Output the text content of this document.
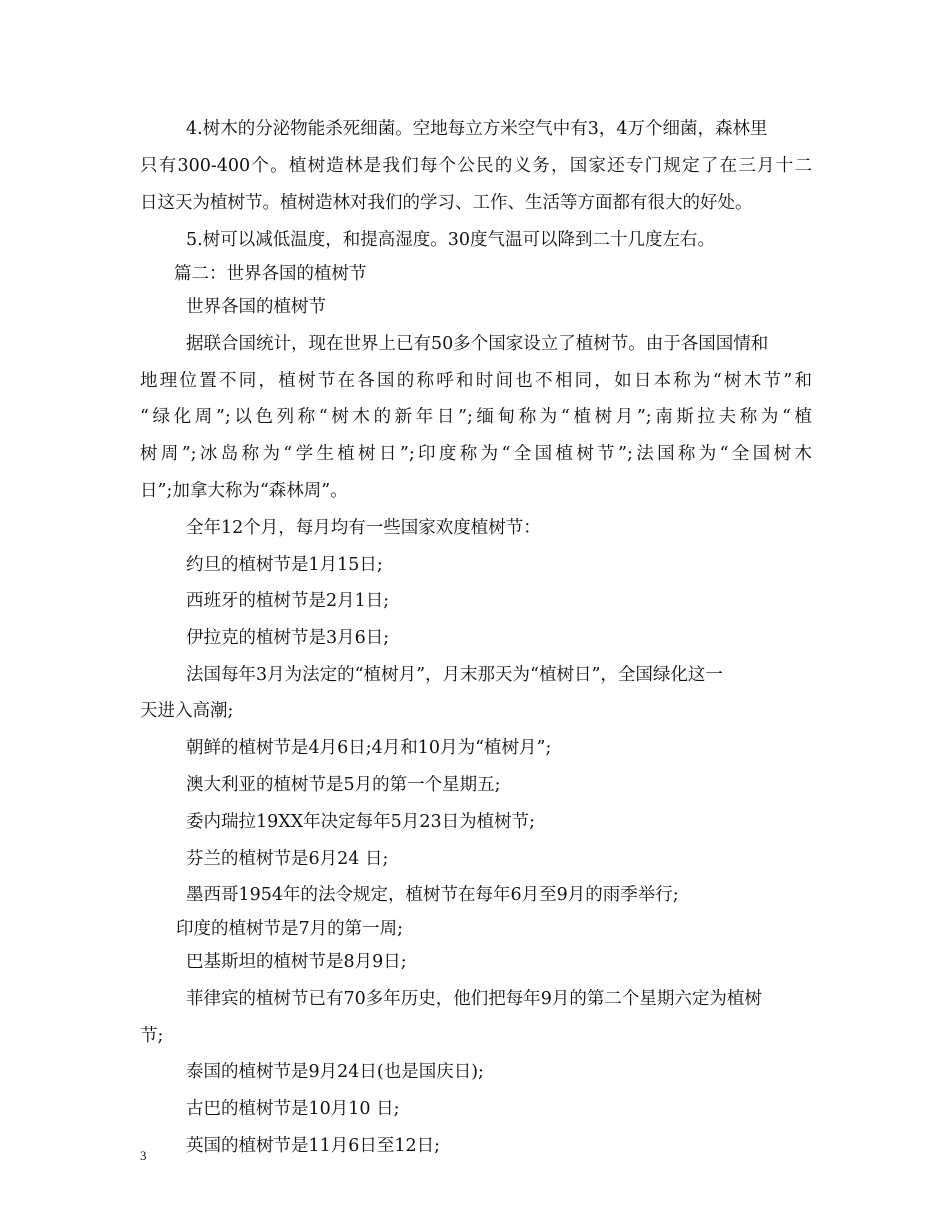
4.树木的分泌物能杀死细菌。空地每立方米空气中有3，4万个细菌，森林里
只有300-400个。植树造林是我们每个公民的义务，国家还专门规定了在三月十二
日这天为植树节。植树造林对我们的学习、工作、生活等方面都有很大的好处。
5.树可以减低温度，和提高湿度。30度气温可以降到二十几度左右。
篇二：世界各国的植树节
世界各国的植树节
据联合国统计，现在世界上已有50多个国家设立了植树节。由于各国国情和
地理位置不同，植树节在各国的称呼和时间也不相同，如日本称为“树木节”和
“绿化周”;以色列称“树木的新年日”;缅甸称为“植树月”;南斯拉夫称为“植
树周”;冰岛称为“学生植树日”;印度称为“全国植树节”;法国称为“全国树木
日”;加拿大称为“森林周”。
全年12个月，每月均有一些国家欢度植树节：
约旦的植树节是1月15日;
西班牙的植树节是2月1日;
伊拉克的植树节是3月6日;
法国每年3月为法定的“植树月”，月末那天为“植树日”，全国绿化这一
天进入高潮;
朝鲜的植树节是4月6日;4月和10月为“植树月”;
澳大利亚的植树节是5月的第一个星期五;
委内瑞拉19XX年决定每年5月23日为植树节;
芬兰的植树节是6月24 日;
墨西哥1954年的法令规定，植树节在每年6月至9月的雨季举行;
印度的植树节是7月的第一周;
巴基斯坦的植树节是8月9日;
菲律宾的植树节已有70多年历史，他们把每年9月的第二个星期六定为植树
节;
泰国的植树节是9月24日(也是国庆日);
古巴的植树节是10月10 日;
英国的植树节是11月6日至12日;
3
